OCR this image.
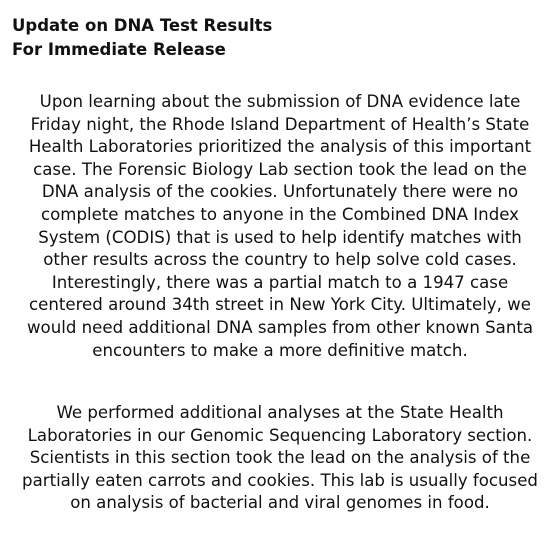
Update on DNA Test Results
For Immediate Release
Upon learning about the submission of DNA evidence late
Friday night, the Rhode Island Department of Health’s State
Health Laboratories prioritized the analysis of this important
case. The Forensic Biology Lab section took the lead on the
DNA analysis of the cookies. Unfortunately there were no
complete matches to anyone in the Combined DNA Index
System (CODIS) that is used to help identify matches with
other results across the country to help solve cold cases.
Interestingly, there was a partial match to a 1947 case
centered around 34th street in New York City. Ultimately, we
would need additional DNA samples from other known Santa
encounters to make a more definitive match.
We performed additional analyses at the State Health
Laboratories in our Genomic Sequencing Laboratory section.
Scientists in this section took the lead on the analysis of the
partially eaten carrots and cookies. This lab is usually focused
on analysis of bacterial and viral genomes in food.
